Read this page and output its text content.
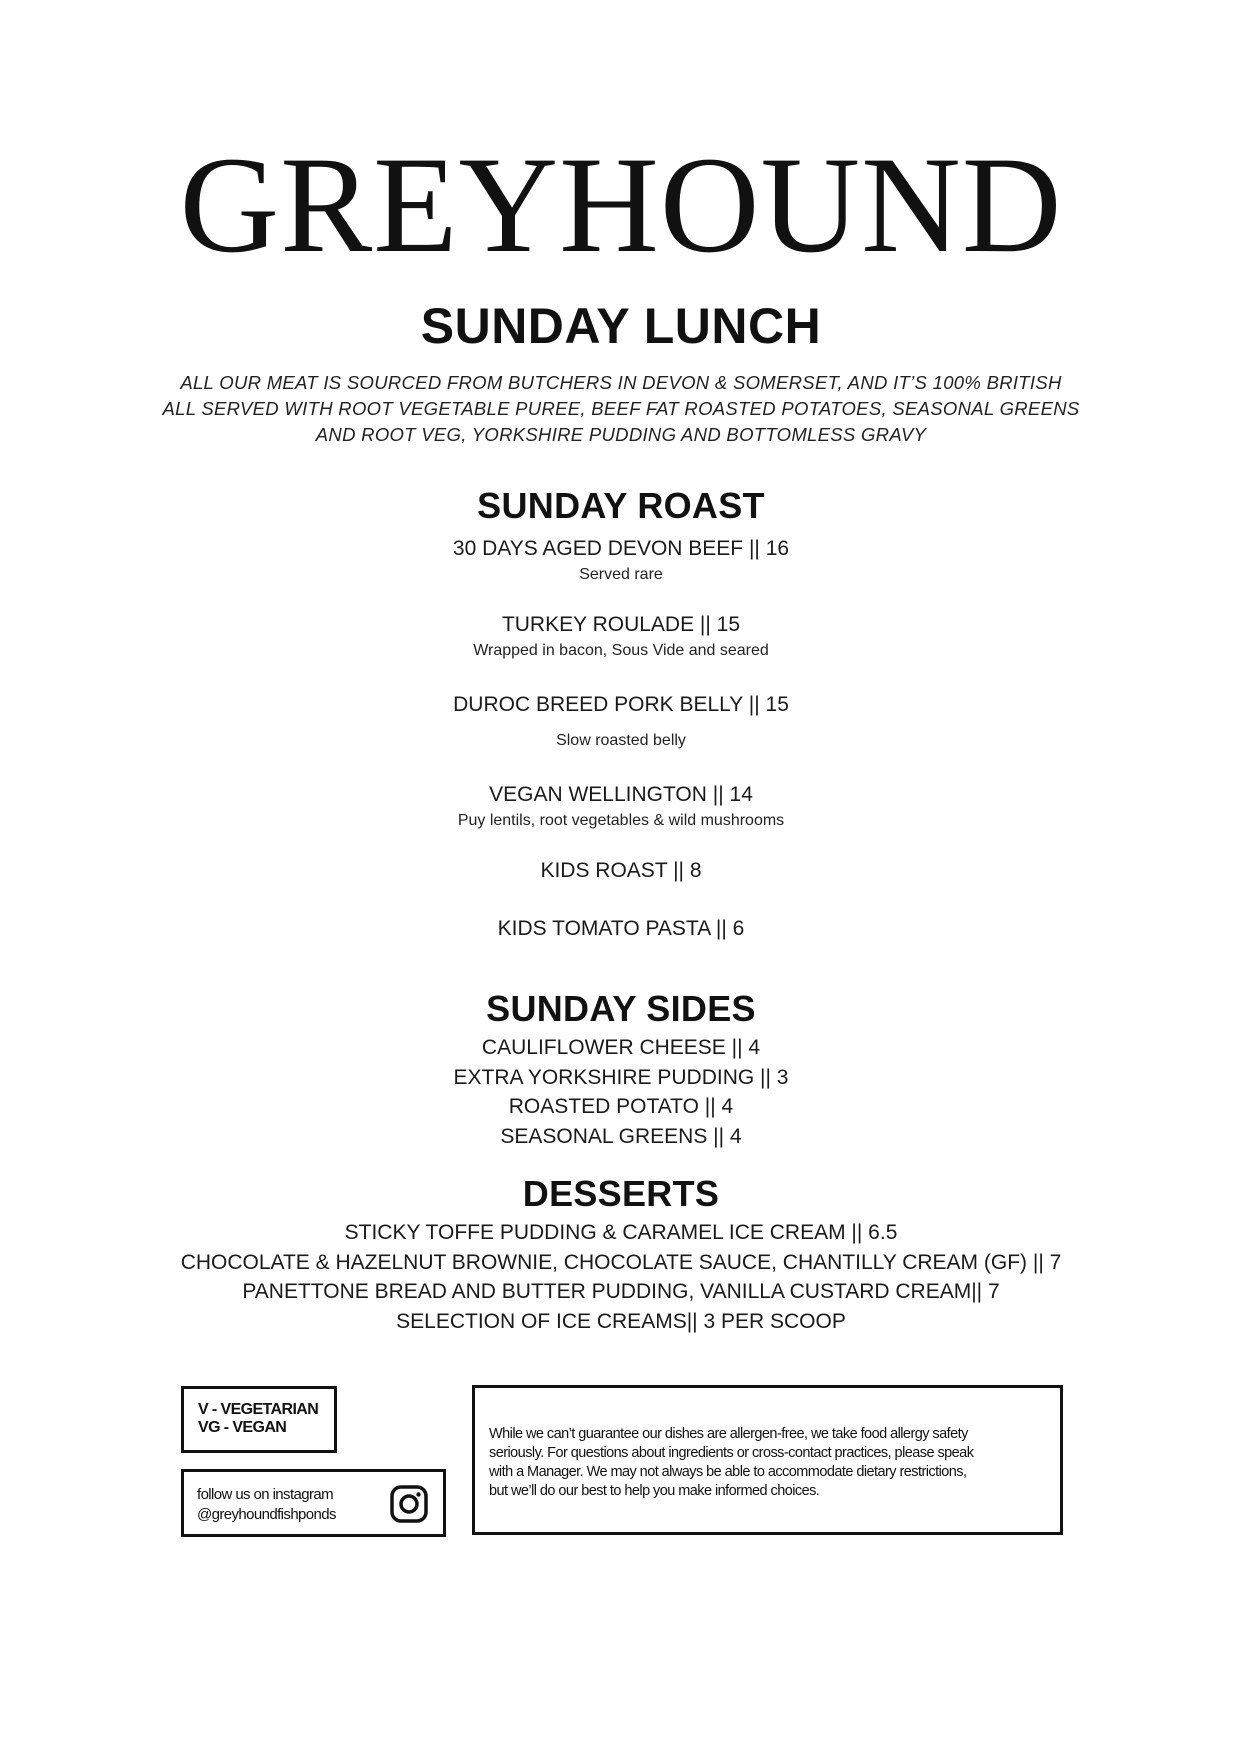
GREYHOUND
SUNDAY LUNCH
ALL OUR MEAT IS SOURCED FROM BUTCHERS IN DEVON & SOMERSET, AND IT’S 100% BRITISH
ALL SERVED WITH ROOT VEGETABLE PUREE, BEEF FAT ROASTED POTATOES, SEASONAL GREENS
AND ROOT VEG, YORKSHIRE PUDDING AND BOTTOMLESS GRAVY
SUNDAY ROAST
30 DAYS AGED DEVON BEEF || 16
Served rare
TURKEY ROULADE || 15
Wrapped in bacon, Sous Vide and seared
DUROC BREED PORK BELLY || 15
Slow roasted belly
VEGAN WELLINGTON || 14
Puy lentils, root vegetables & wild mushrooms
KIDS ROAST || 8
KIDS TOMATO PASTA || 6
SUNDAY SIDES
CAULIFLOWER CHEESE || 4
EXTRA YORKSHIRE PUDDING || 3
ROASTED POTATO || 4
SEASONAL GREENS || 4
DESSERTS
STICKY TOFFE PUDDING & CARAMEL ICE CREAM || 6.5
CHOCOLATE & HAZELNUT BROWNIE, CHOCOLATE SAUCE, CHANTILLY CREAM (GF) || 7
PANETTONE BREAD AND BUTTER PUDDING, VANILLA CUSTARD CREAM|| 7
SELECTION OF ICE CREAMS|| 3 PER SCOOP
V - VEGETARIAN
VG - VEGAN
follow us on instagram
@greyhoundfishponds
While we can’t guarantee our dishes are allergen-free, we take food allergy safety
seriously. For questions about ingredients or cross-contact practices, please speak
with a Manager. We may not always be able to accommodate dietary restrictions,
but we’ll do our best to help you make informed choices.
